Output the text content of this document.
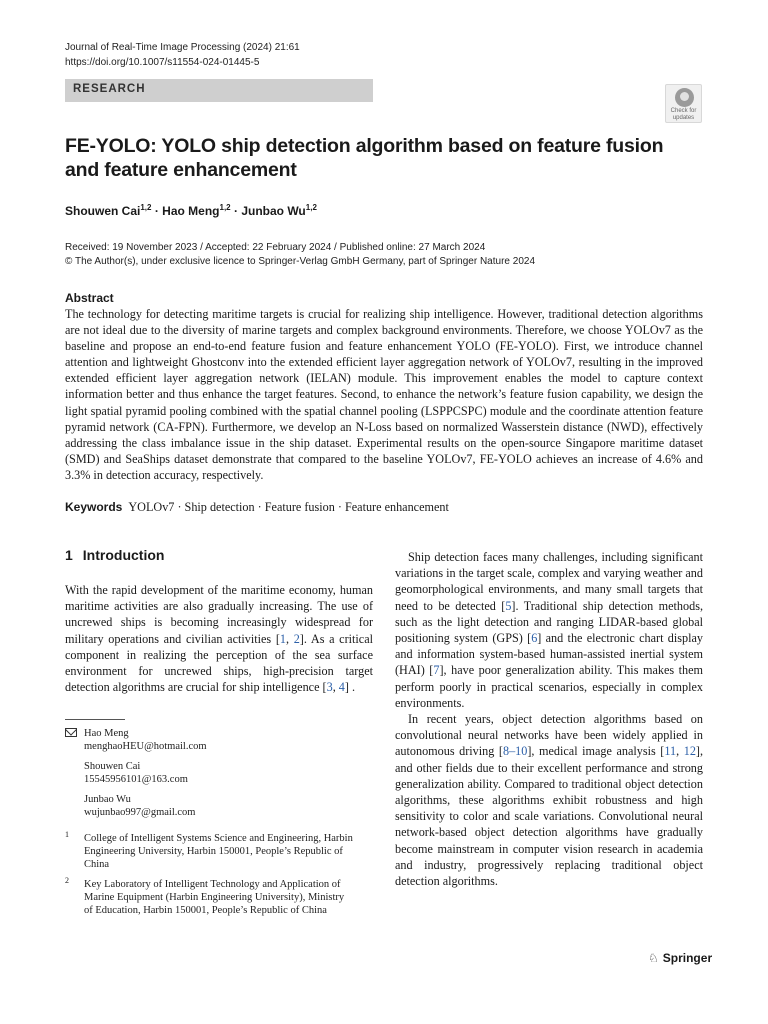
Journal of Real-Time Image Processing (2024) 21:61
https://doi.org/10.1007/s11554-024-01445-5
RESEARCH
Check for updates
FE-YOLO: YOLO ship detection algorithm based on feature fusion and feature enhancement
Shouwen Cai$^{1,2}$ · Hao Meng$^{1,2}$ · Junbao Wu$^{1,2}$
Received: 19 November 2023 / Accepted: 22 February 2024 / Published online: 27 March 2024
© The Author(s), under exclusive licence to Springer-Verlag GmbH Germany, part of Springer Nature 2024
Abstract
The technology for detecting maritime targets is crucial for realizing ship intelligence. However, traditional detection algorithms are not ideal due to the diversity of marine targets and complex background environments. Therefore, we choose YOLOv7 as the baseline and propose an end-to-end feature fusion and feature enhancement YOLO (FE-YOLO). First, we introduce channel attention and lightweight Ghostconv into the extended efficient layer aggregation network of YOLOv7, resulting in the improved extended efficient layer aggregation network (IELAN) module. This improvement enables the model to capture context information better and thus enhance the target features. Second, to enhance the network’s feature fusion capability, we design the light spatial pyramid pooling combined with the spatial channel pooling (LSPPCSPC) module and the coordinate attention feature pyramid network (CA-FPN). Furthermore, we develop an N-Loss based on normalized Wasserstein distance (NWD), effectively addressing the class imbalance issue in the ship dataset. Experimental results on the open-source Singapore maritime dataset (SMD) and SeaShips dataset demonstrate that compared to the baseline YOLOv7, FE-YOLO achieves an increase of 4.6% and 3.3% in detection accuracy, respectively.
Keywords YOLOv7 · Ship detection · Feature fusion · Feature enhancement
1 Introduction
With the rapid development of the maritime economy, human maritime activities are also gradually increasing. The use of uncrewed ships is becoming increasingly widespread for military operations and civilian activities [1, 2]. As a critical component in realizing the perception of the sea surface environment for uncrewed ships, high-precision target detection algorithms are crucial for ship intelligence [3, 4] .
Hao Meng
menghaoHEU@hotmail.com
Shouwen Cai
15545956101@163.com
Junbao Wu
wujunbao997@gmail.com
1 College of Intelligent Systems Science and Engineering, Harbin Engineering University, Harbin 150001, People’s Republic of China
2 Key Laboratory of Intelligent Technology and Application of Marine Equipment (Harbin Engineering University), Ministry of Education, Harbin 150001, People’s Republic of China

Ship detection faces many challenges, including significant variations in the target scale, complex and varying weather and geomorphological environments, and many small targets that need to be detected [5]. Traditional ship detection methods, such as the light detection and ranging LIDAR-based global positioning system (GPS) [6] and the electronic chart display and information system-based human-assisted inertial system (HAI) [7], have poor generalization ability. This makes them perform poorly in practical scenarios, especially in complex environments.

In recent years, object detection algorithms based on convolutional neural networks have been widely applied in autonomous driving [8–10], medical image analysis [11, 12], and other fields due to their excellent performance and strong generalization ability. Compared to traditional object detection algorithms, these algorithms exhibit robustness and high sensitivity to color and scale variations. Convolutional neural network-based object detection algorithms have gradually become mainstream in computer vision research in academia and industry, progressively replacing traditional object detection algorithms.

♘ Springer
